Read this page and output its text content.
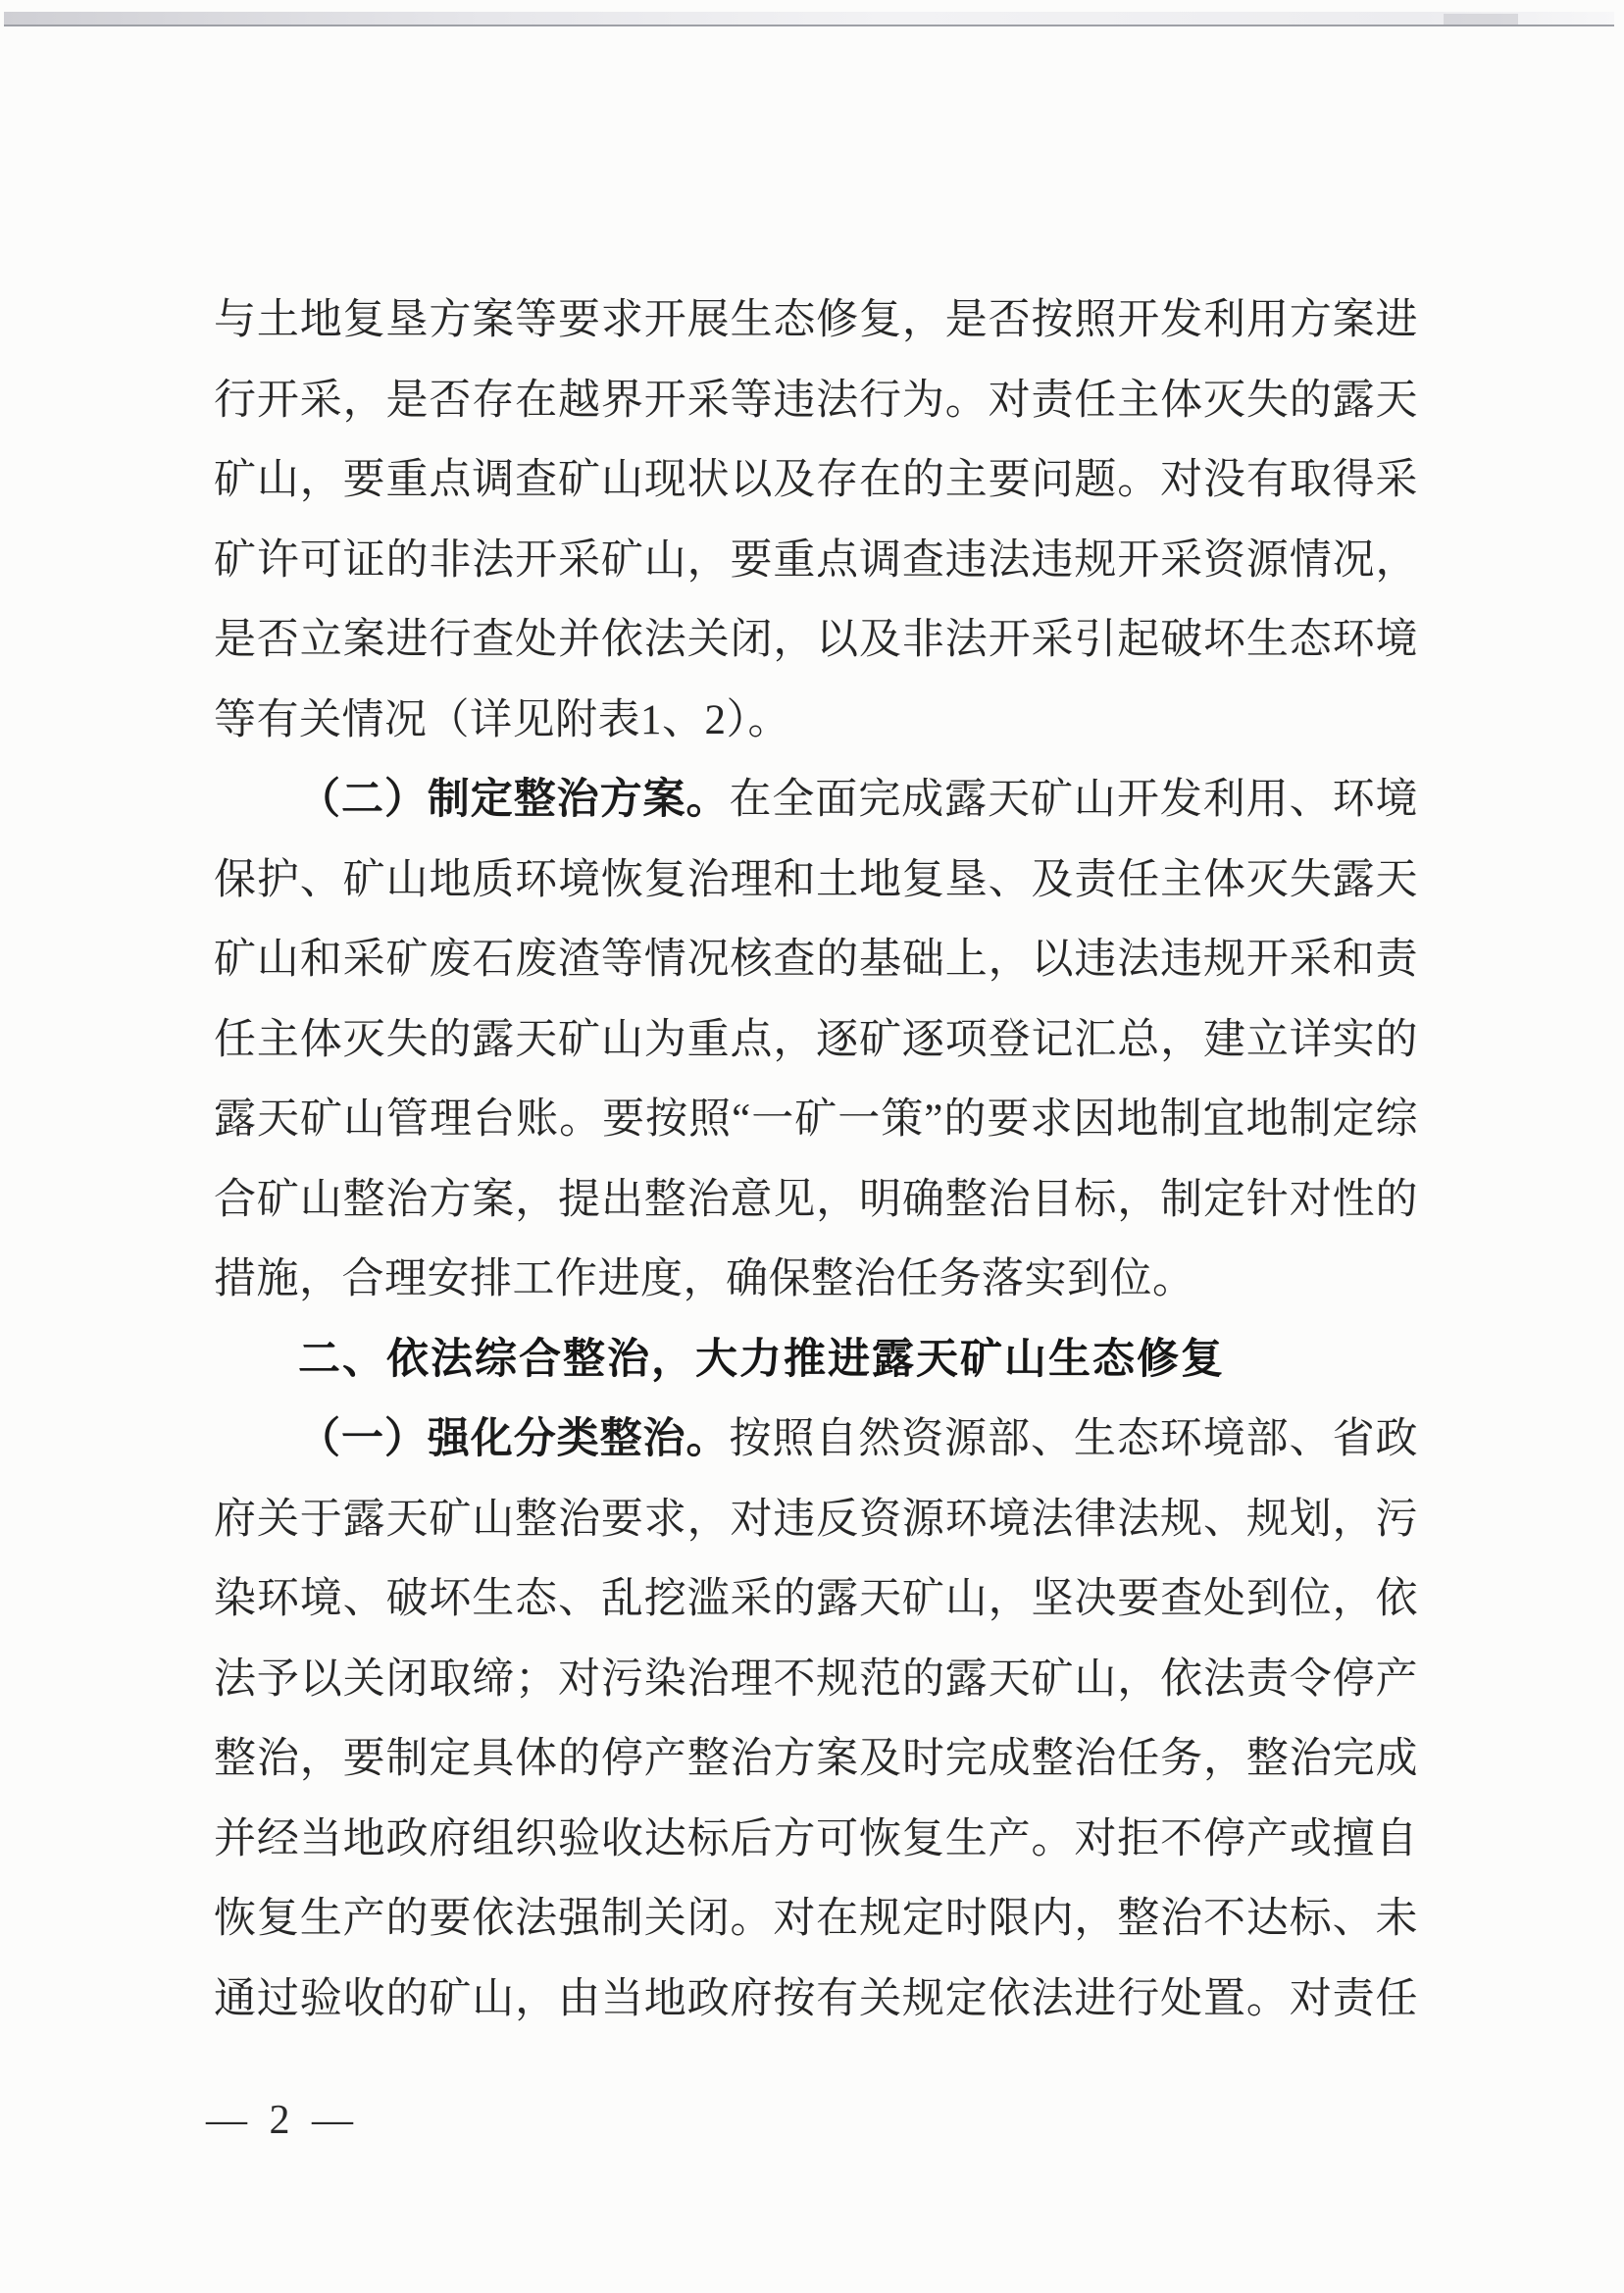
与土地复垦方案等要求开展生态修复，是否按照开发利用方案进
行开采，是否存在越界开采等违法行为。对责任主体灭失的露天
矿山，要重点调查矿山现状以及存在的主要问题。对没有取得采
矿许可证的非法开采矿山，要重点调查违法违规开采资源情况，
是否立案进行查处并依法关闭，以及非法开采引起破坏生态环境
等有关情况（详见附表1、2）。
（二）制定整治方案。在全面完成露天矿山开发利用、环境
保护、矿山地质环境恢复治理和土地复垦、及责任主体灭失露天
矿山和采矿废石废渣等情况核查的基础上，以违法违规开采和责
任主体灭失的露天矿山为重点，逐矿逐项登记汇总，建立详实的
露天矿山管理台账。要按照“一矿一策”的要求因地制宜地制定综
合矿山整治方案，提出整治意见，明确整治目标，制定针对性的
措施，合理安排工作进度，确保整治任务落实到位。
二、依法综合整治，大力推进露天矿山生态修复
（一）强化分类整治。按照自然资源部、生态环境部、省政
府关于露天矿山整治要求，对违反资源环境法律法规、规划，污
染环境、破坏生态、乱挖滥采的露天矿山，坚决要查处到位，依
法予以关闭取缔；对污染治理不规范的露天矿山，依法责令停产
整治，要制定具体的停产整治方案及时完成整治任务，整治完成
并经当地政府组织验收达标后方可恢复生产。对拒不停产或擅自
恢复生产的要依法强制关闭。对在规定时限内，整治不达标、未
通过验收的矿山，由当地政府按有关规定依法进行处置。对责任
— 2 —
